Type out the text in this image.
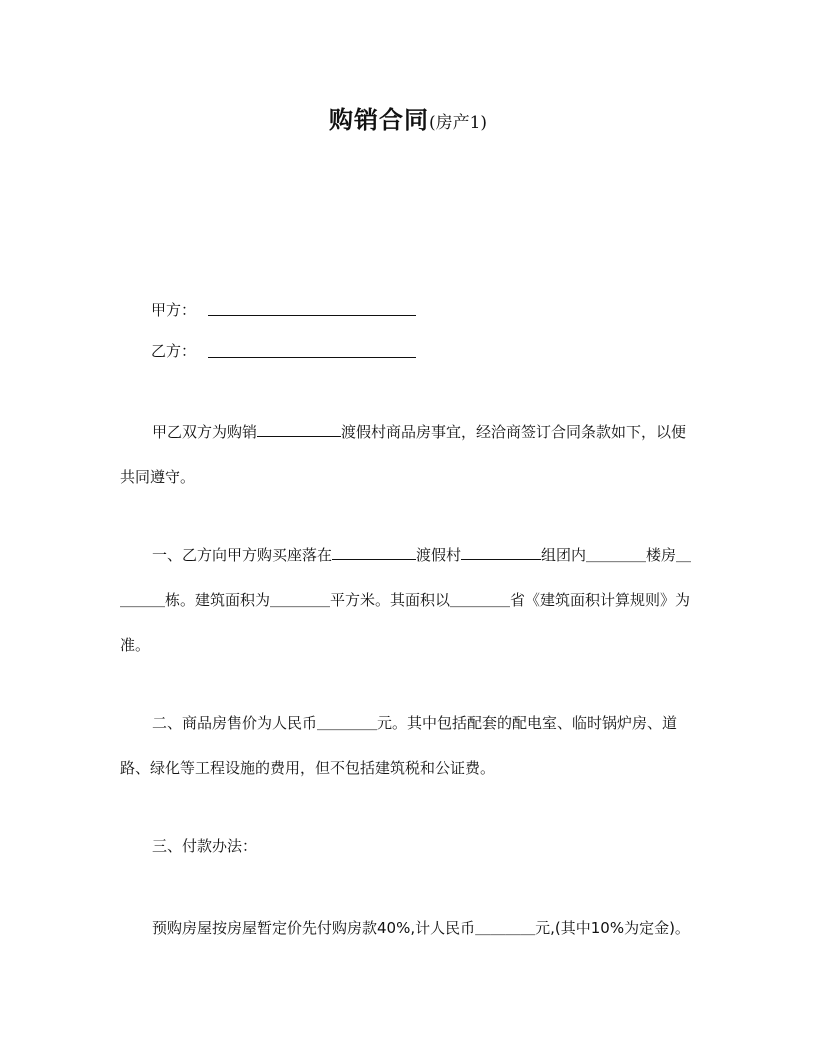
购销合同(房产1)
甲方：
乙方：

甲乙双方为购销	渡假村商品房事宜，经洽商签订合同条款如下，以便共同遵守。

一、乙方向甲方购买座落在	渡假村	组团内＿＿＿＿楼房＿＿＿＿栋。建筑面积为＿＿＿＿平方米。其面积以＿＿＿＿省《建筑面积计算规则》为准。

二、商品房售价为人民币＿＿＿＿元。其中包括配套的配电室、临时锅炉房、道路、绿化等工程设施的费用，但不包括建筑税和公证费。

三、付款办法：

预购房屋按房屋暂定价先付购房款40%,计人民币＿＿＿＿元,(其中10%为定金)。
